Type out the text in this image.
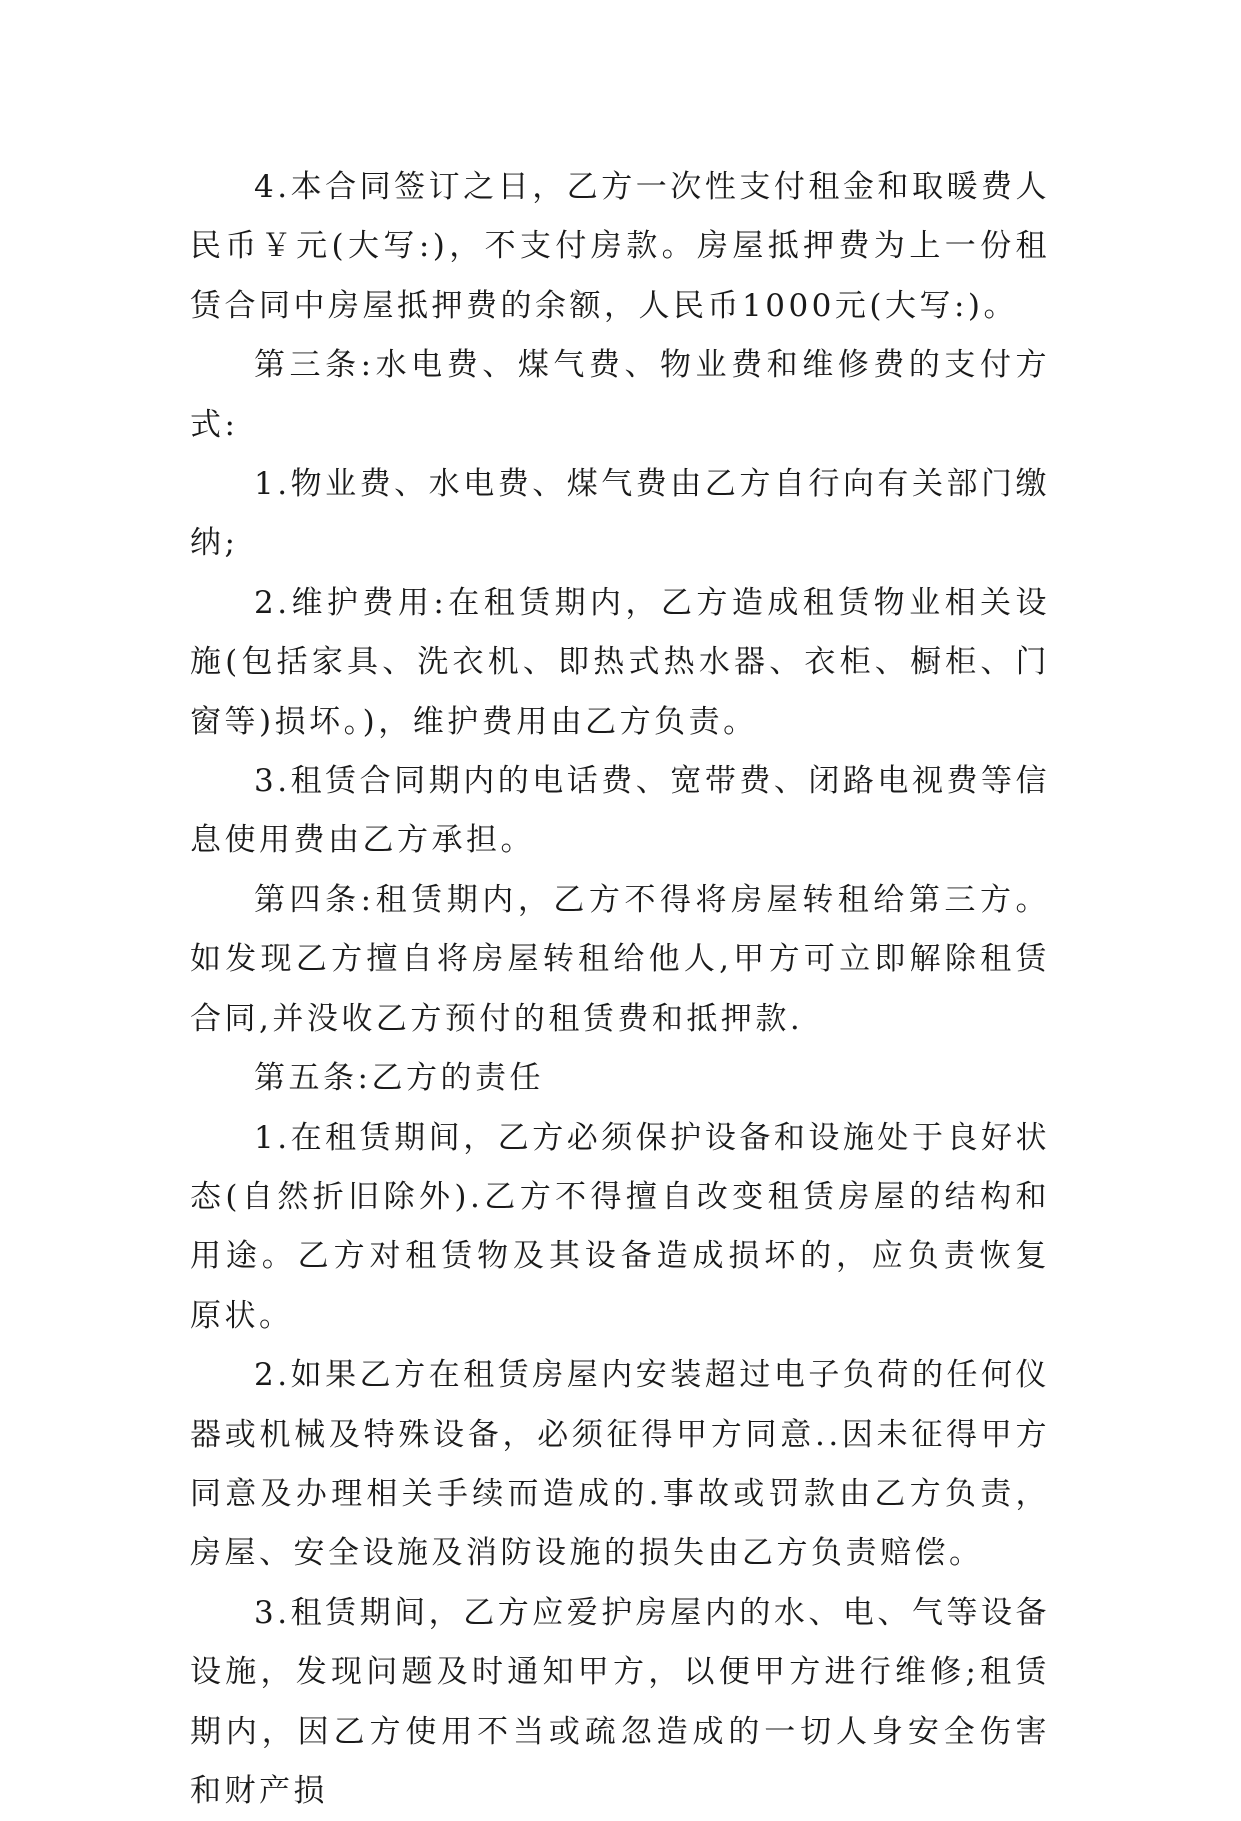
4.本合同签订之日，乙方一次性支付租金和取暖费人民币￥元(大写:)，不支付房款。房屋抵押费为上一份租赁合同中房屋抵押费的余额，人民币1000元(大写:)。

第三条:水电费、煤气费、物业费和维修费的支付方式:

1.物业费、水电费、煤气费由乙方自行向有关部门缴纳;

2.维护费用:在租赁期内，乙方造成租赁物业相关设施(包括家具、洗衣机、即热式热水器、衣柜、橱柜、门窗等)损坏。)，维护费用由乙方负责。

3.租赁合同期内的电话费、宽带费、闭路电视费等信息使用费由乙方承担。

第四条:租赁期内，乙方不得将房屋转租给第三方。如发现乙方擅自将房屋转租给他人,甲方可立即解除租赁合同,并没收乙方预付的租赁费和抵押款.

第五条:乙方的责任

1.在租赁期间，乙方必须保护设备和设施处于良好状态(自然折旧除外).乙方不得擅自改变租赁房屋的结构和用途。乙方对租赁物及其设备造成损坏的，应负责恢复原状。

2.如果乙方在租赁房屋内安装超过电子负荷的任何仪器或机械及特殊设备，必须征得甲方同意..因未征得甲方同意及办理相关手续而造成的.事故或罚款由乙方负责，房屋、安全设施及消防设施的损失由乙方负责赔偿。

3.租赁期间，乙方应爱护房屋内的水、电、气等设备设施，发现问题及时通知甲方，以便甲方进行维修;租赁期内，因乙方使用不当或疏忽造成的一切人身安全伤害和财产损
